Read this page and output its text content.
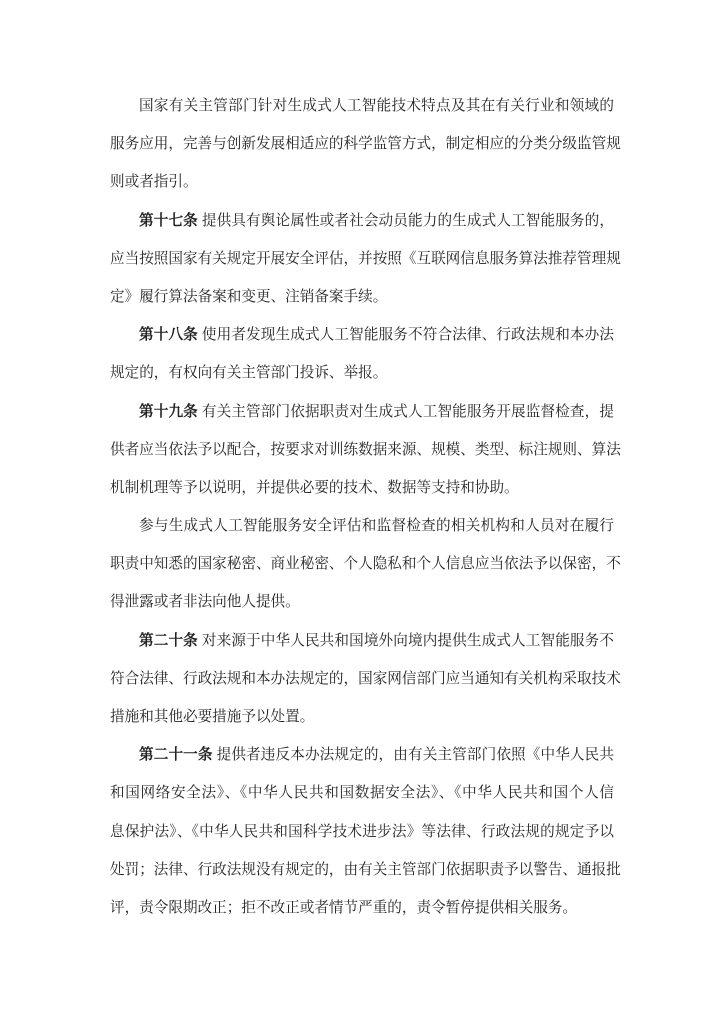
国家有关主管部门针对生成式人工智能技术特点及其在有关行业和领域的
服务应用，完善与创新发展相适应的科学监管方式，制定相应的分类分级监管规
则或者指引。
第十七条 提供具有舆论属性或者社会动员能力的生成式人工智能服务的，
应当按照国家有关规定开展安全评估，并按照《互联网信息服务算法推荐管理规
定》履行算法备案和变更、注销备案手续。
第十八条 使用者发现生成式人工智能服务不符合法律、行政法规和本办法
规定的，有权向有关主管部门投诉、举报。
第十九条 有关主管部门依据职责对生成式人工智能服务开展监督检查，提
供者应当依法予以配合，按要求对训练数据来源、规模、类型、标注规则、算法
机制机理等予以说明，并提供必要的技术、数据等支持和协助。
参与生成式人工智能服务安全评估和监督检查的相关机构和人员对在履行
职责中知悉的国家秘密、商业秘密、个人隐私和个人信息应当依法予以保密，不
得泄露或者非法向他人提供。
第二十条 对来源于中华人民共和国境外向境内提供生成式人工智能服务不
符合法律、行政法规和本办法规定的，国家网信部门应当通知有关机构采取技术
措施和其他必要措施予以处置。
第二十一条 提供者违反本办法规定的，由有关主管部门依照《中华人民共
和国网络安全法》、《中华人民共和国数据安全法》、《中华人民共和国个人信
息保护法》、《中华人民共和国科学技术进步法》等法律、行政法规的规定予以
处罚；法律、行政法规没有规定的，由有关主管部门依据职责予以警告、通报批
评，责令限期改正；拒不改正或者情节严重的，责令暂停提供相关服务。
